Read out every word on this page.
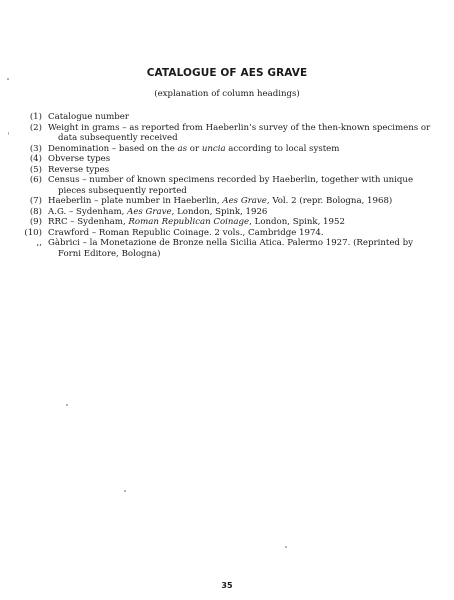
CATALOGUE OF AES GRAVE
(explanation of column headings)
(1) Catalogue number
(2) Weight in grams – as reported from Haeberlin’s survey of the then-known specimens or data subsequently received
(3) Denomination – based on the as or uncia according to local system
(4) Obverse types
(5) Reverse types
(6) Census – number of known specimens recorded by Haeberlin, together with unique pieces subsequently reported
(7) Haeberlin – plate number in Haeberlin, Aes Grave, Vol. 2 (repr. Bologna, 1968)
(8) A.G. – Sydenham, Aes Grave, London, Spink, 1926
(9) RRC – Sydenham, Roman Republican Coinage, London, Spink, 1952
(10) Crawford – Roman Republic Coinage. 2 vols., Cambridge 1974.
,, Gàbrici – la Monetazione de Bronze nella Sicilia Atica. Palermo 1927. (Reprinted by Forni Editore, Bologna)
35
